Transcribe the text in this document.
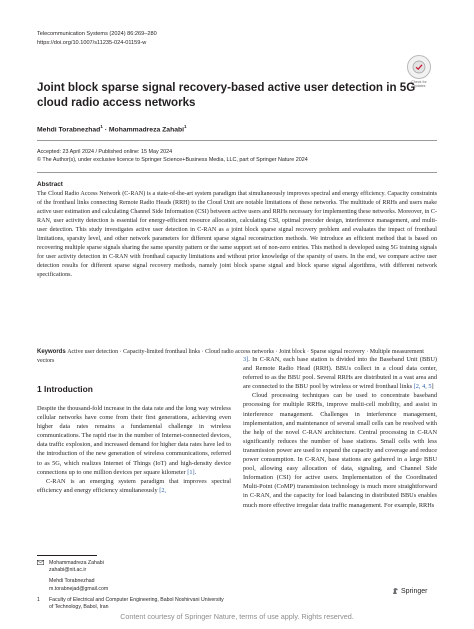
Telecommunication Systems (2024) 86:269–280
https://doi.org/10.1007/s11235-024-01159-w
Check for updates
Joint block sparse signal recovery-based active user detection in 5G cloud radio access networks
Mehdi Torabnezhad$^1$ · Mohammadreza Zahabi$^1$
Accepted: 23 April 2024 / Published online: 15 May 2024
© The Author(s), under exclusive licence to Springer Science+Business Media, LLC, part of Springer Nature 2024
Abstract
The Cloud Radio Access Network (C-RAN) is a state-of-the-art system paradigm that simultaneously improves spectral and energy efficiency. Capacity constraints of the fronthaul links connecting Remote Radio Heads (RRH) to the Cloud Unit are notable limitations of these networks. The multitude of RRHs and users make active user estimation and calculating Channel Side Information (CSI) between active users and RRHs necessary for implementing these networks. Moreover, in C-RAN, user activity detection is essential for energy-efficient resource allocation, calculating CSI, optimal precoder design, interference management, and multi-user detection. This study investigates active user detection in C-RAN as a joint block sparse signal recovery problem and evaluates the impact of fronthaul limitations, sparsity level, and other network parameters for different sparse signal reconstruction methods. We introduce an efficient method that is based on recovering multiple sparse signals sharing the same sparsity pattern or the same support set of non-zero entries. This method is developed using 5G training signals for user activity detection in C-RAN with fronthaul capacity limitations and without prior knowledge of the sparsity of users. In the end, we compare active user detection results for different sparse signal recovery methods, namely joint block sparse signal and block sparse signal algorithms, with different network specifications.
Keywords Active user detection · Capacity-limited fronthaul links · Cloud radio access networks · Joint block · Sparse signal recovery · Multiple measurement vectors
1 Introduction

Despite the thousand-fold increase in the data rate and the long way wireless cellular networks have come from their first generations, achieving even higher data rates remains a fundamental challenge in wireless communications. The rapid rise in the number of Internet-connected devices, data traffic explosion, and increased demand for higher data rates have led to the introduction of the new generation of wireless communications, referred to as 5G, which realizes Internet of Things (IoT) and high-density device connections up to one million devices per square kilometer [1].

C-RAN is an emerging system paradigm that improves spectral efficiency and energy efficiency simultaneously [2,

3]. In C-RAN, each base station is divided into the Baseband Unit (BBU) and Remote Radio Head (RRH). BBUs collect in a cloud data center, referred to as the BBU pool. Several RRHs are distributed in a vast area and are connected to the BBU pool by wireless or wired fronthaul links [2, 4, 5]

Cloud processing techniques can be used to concentrate baseband processing for multiple RRHs, improve multi-cell mobility, and assist in interference management. Challenges in interference management, implementation, and maintenance of several small cells can be resolved with the help of the novel C-RAN architecture. Central processing in C-RAN significantly reduces the number of base stations. Small cells with less transmission power are used to expand the capacity and coverage and reduce power consumption. In C-RAN, base stations are gathered in a large BBU pool, allowing easy allocation of data, signaling, and Channel Side Information (CSI) for active users. Implementation of the Coordinated Multi-Point (CoMP) transmission technology is much more straightforward in C-RAN, and the capacity for load balancing in distributed BBUs enables much more effective irregular data traffic management. For example, RRHs

Mohammadreza Zahabi
zahabi@nit.ac.ir
Mehdi Torabnezhad
m.torabnejad@gmail.com
1	Faculty of Electrical and Computer Engineering, Babol Noshirvani University of Technology, Babol, Iran
Springer
Content courtesy of Springer Nature, terms of use apply. Rights reserved.
